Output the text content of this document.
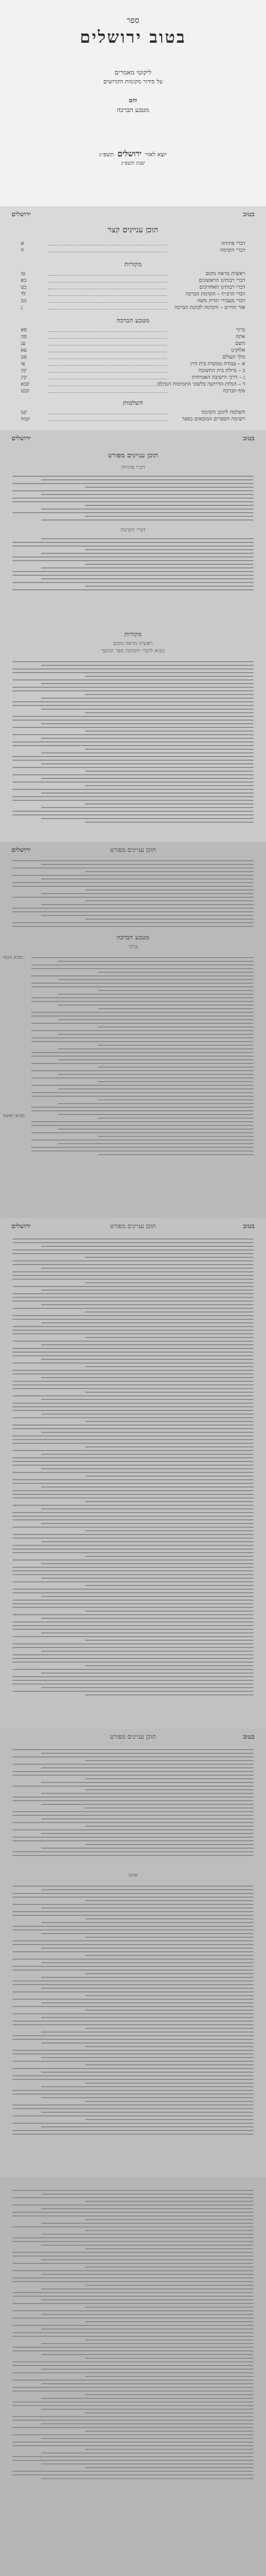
ספר
בטוב ירושלים
ליקוטי מאמרים
על סידור מקומות הקדושים
והם
מטבע הברכה
יוצא לאור  ירושלים  תשפ״ג
שנת תשפ״ג
בטוב
ירושלים
תוכן עניינים קצר
דברי פתיחה
א
דברי הקדמה
ח
מקורות
ראשית מראה מקום
טו
דברי רבותינו הראשונים
כא
דברי רבותינו האחרונים
כט
דברי הרב״ח – הקדמת הברכה
לד
דברי מעבירי תורת משה
מב
אור החיים – הקדמה לכוונת הברכה
נ
מטבע הברכה
ברוך
סא
אתה
סה
השם
עג
אלוקינו
פא
מלך העולם
פט
א – עבודה ממשית בית היין
צז
ב – גדולת בית התשובה
קה
ג – דרכי הישיבה האמיתית
קיג
ד – הגלות הדרושה בלשוני התמימות הגדולה
קכא
סוף הברכה
קכט
השלמות
השלמה לתוכן הקדמה
קמ
רשימת הספרים המובאים בספר
קמח
בטוב
ירושלים
תוכן עניינים מפורט
דברי פתיחה
דברי הקדמה
מקורות
ראשית מראה מקום
מבוא לדברי הקדמת ספר המשך
ירושלים	תוכן עניינים מפורט
מטבע הברכה
ברוך
מבוא הכנה
מבוא ראשון
בטוב
ירושלים	תוכן עניינים מפורט
בטוב
תוכן עניינים מפורט
אתה
